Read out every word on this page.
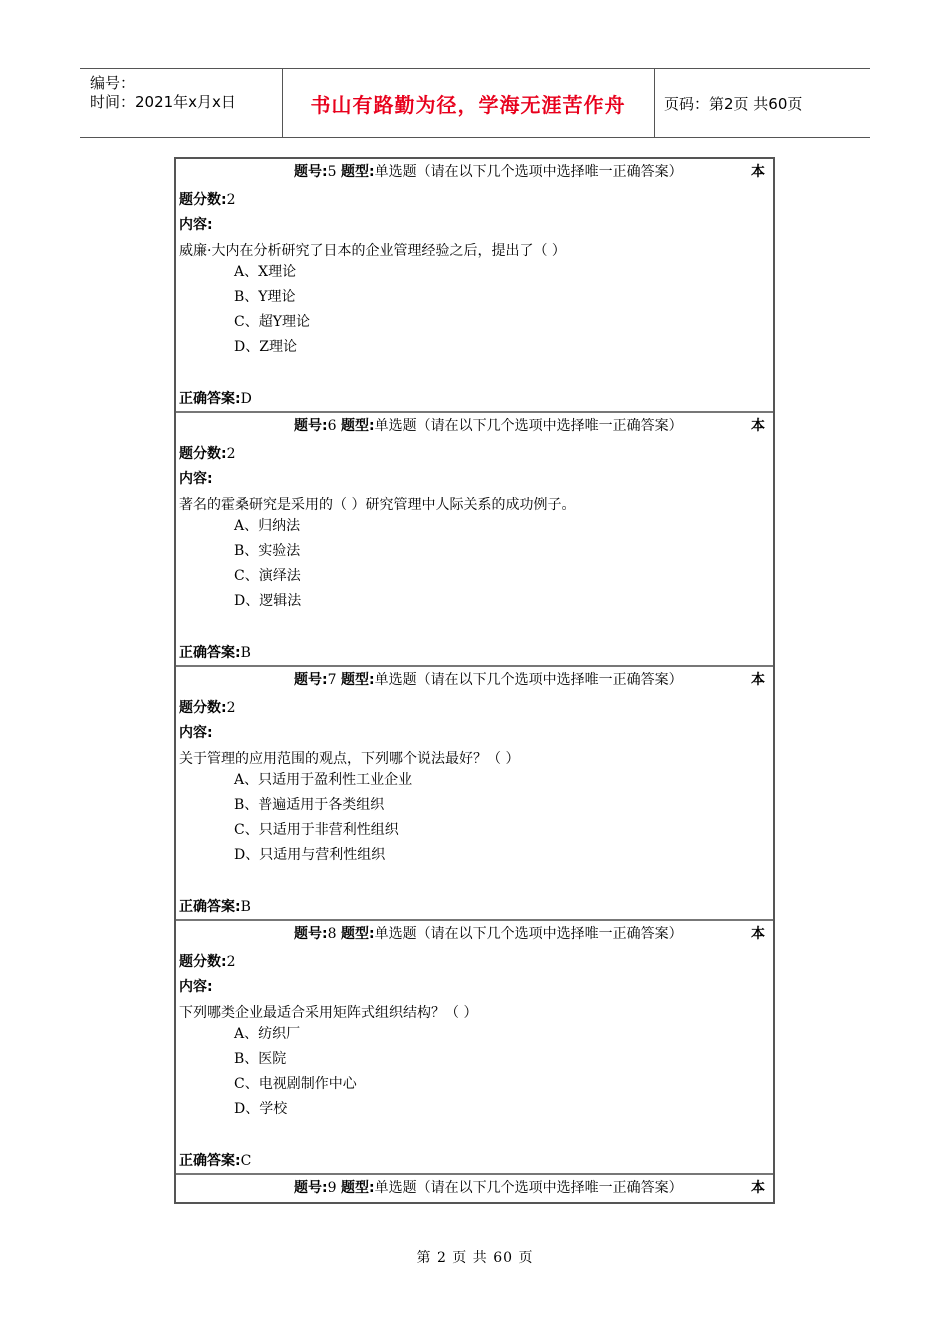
编号：
时间：2021年x月x日	书山有路勤为径，学海无涯苦作舟	页码：第2页 共60页
题号:5 题型:单选题（请在以下几个选项中选择唯一正确答案）	本
题分数:2
内容:
威廉·大内在分析研究了日本的企业管理经验之后，提出了（ ）
A、X理论
B、Y理论
C、超Y理论
D、Z理论
正确答案:D
题号:6 题型:单选题（请在以下几个选项中选择唯一正确答案）	本
题分数:2
内容:
著名的霍桑研究是采用的（ ）研究管理中人际关系的成功例子。
A、归纳法
B、实验法
C、演绎法
D、逻辑法
正确答案:B
题号:7 题型:单选题（请在以下几个选项中选择唯一正确答案）	本
题分数:2
内容:
关于管理的应用范围的观点，下列哪个说法最好？（ ）
A、只适用于盈利性工业企业
B、普遍适用于各类组织
C、只适用于非营利性组织
D、只适用与营利性组织
正确答案:B
题号:8 题型:单选题（请在以下几个选项中选择唯一正确答案）	本
题分数:2
内容:
下列哪类企业最适合采用矩阵式组织结构？（ ）
A、纺织厂
B、医院
C、电视剧制作中心
D、学校
正确答案:C
题号:9 题型:单选题（请在以下几个选项中选择唯一正确答案）	本
第 2 页 共 60 页
